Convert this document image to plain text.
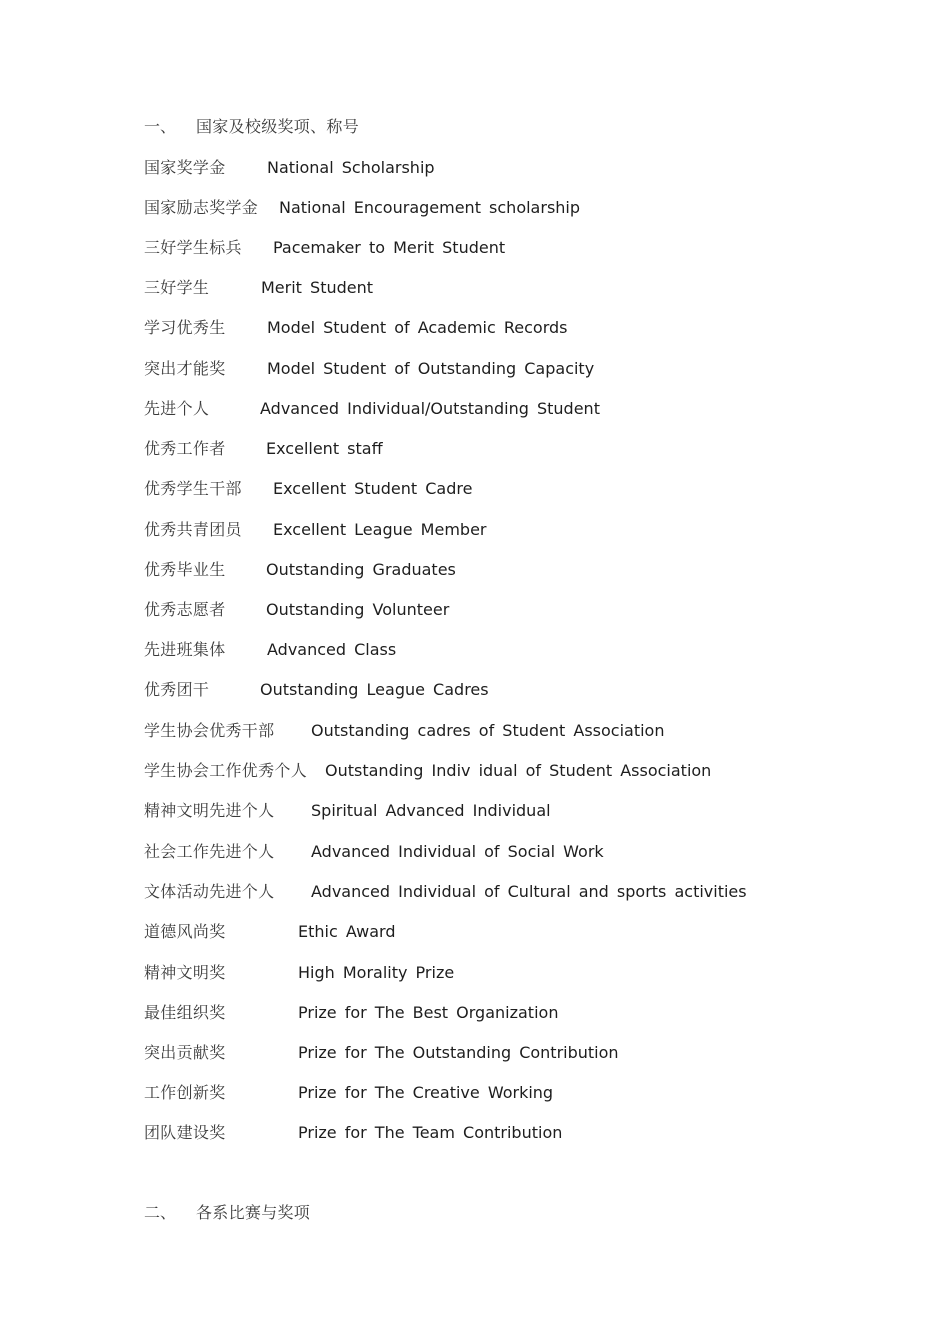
一、 国家及校级奖项、称号
国家奖学金	National Scholarship
国家励志奖学金 National Encouragement scholarship
三好学生标兵 Pacemaker to Merit Student
三好学生	Merit Student
学习优秀生	Model Student of Academic Records
突出才能奖	Model Student of Outstanding Capacity
先进个人	Advanced Individual/Outstanding Student
优秀工作者	Excellent staff
优秀学生干部 Excellent Student Cadre
优秀共青团员 Excellent League Member
优秀毕业生	Outstanding Graduates
优秀志愿者	Outstanding Volunteer
先进班集体	Advanced Class
优秀团干	Outstanding League Cadres
学生协会优秀干部 Outstanding cadres of Student Association
学生协会工作优秀个人 Outstanding Indiv idual of Student Association
精神文明先进个人 Spiritual Advanced Individual
社会工作先进个人 Advanced Individual of Social Work
文体活动先进个人 Advanced Individual of Cultural and sports activities
道德风尚奖	Ethic Award
精神文明奖	High Morality Prize
最佳组织奖	Prize for The Best Organization
突出贡献奖	Prize for The Outstanding Contribution
工作创新奖	Prize for The Creative Working
团队建设奖	Prize for The Team Contribution
二、 各系比赛与奖项
